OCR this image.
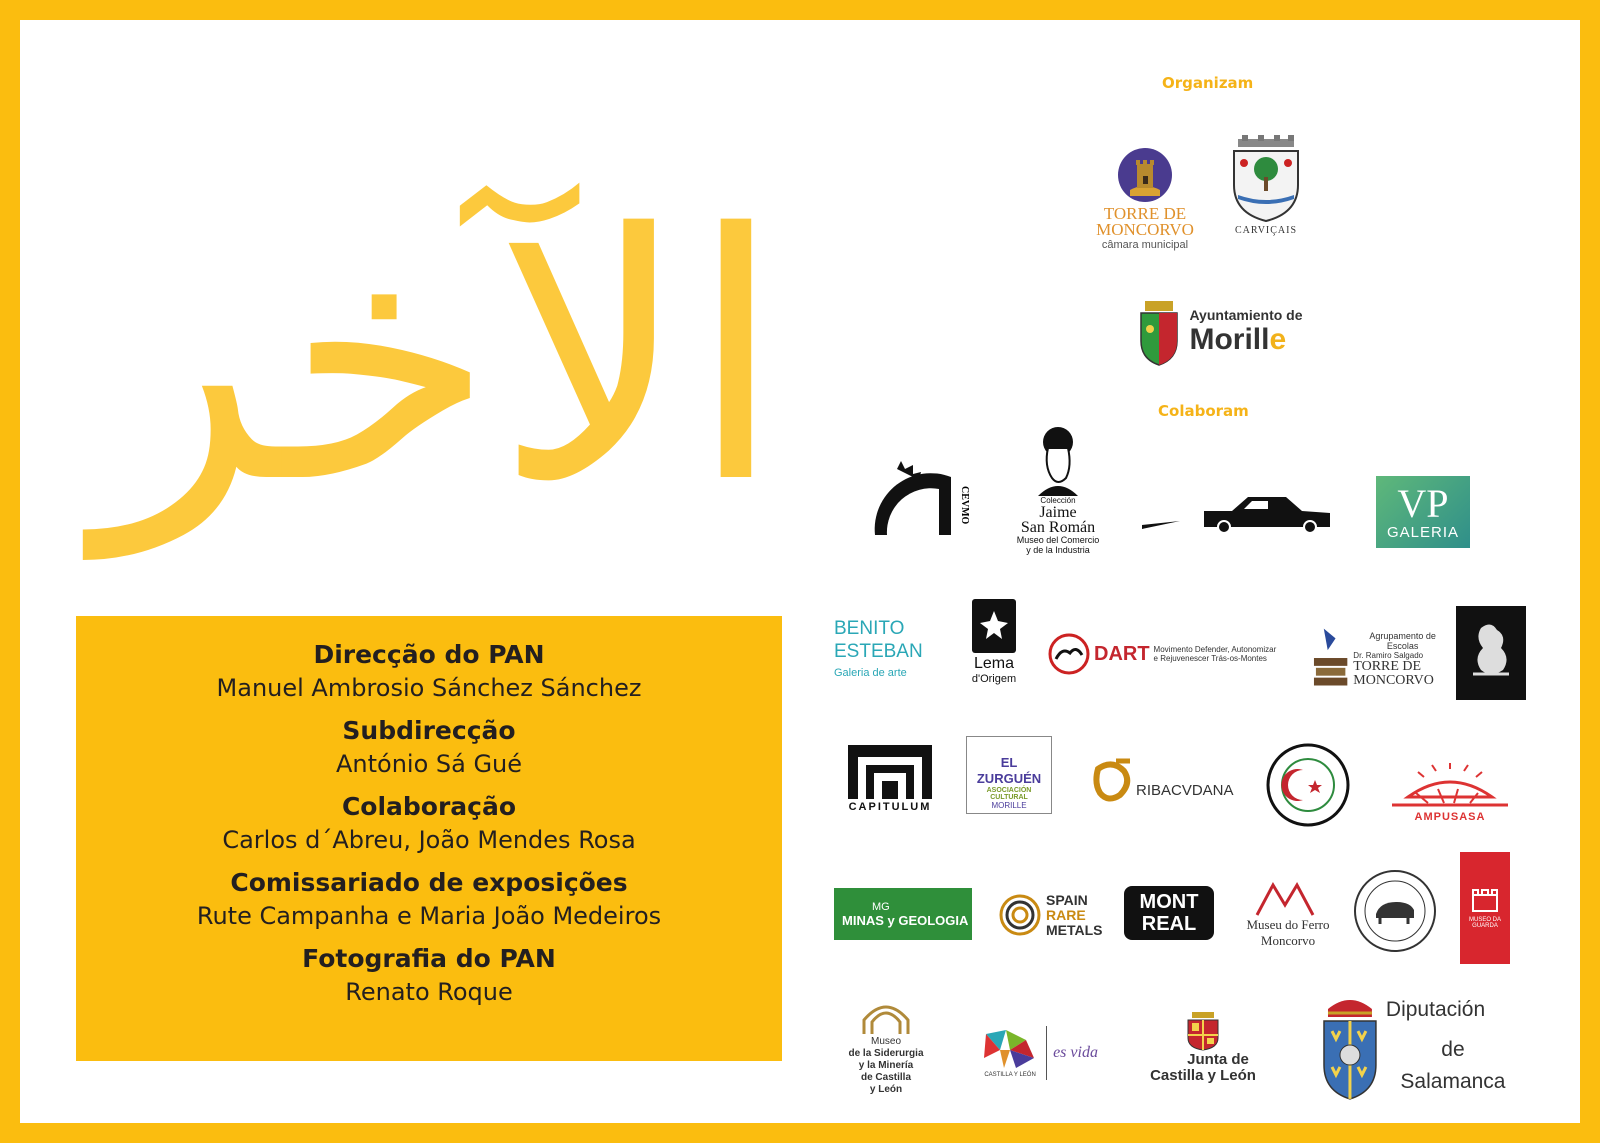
الآخر
Direcção do PAN
Manuel Ambrosio Sánchez Sánchez
Subdirecção
António Sá Gué
Colaboração
Carlos d´Abreu, João Mendes Rosa
Comissariado de exposições
Rute Campanha e Maria João Medeiros
Fotografia do PAN
Renato Roque
Organizam
Colaboram
TORRE DE
MONCORVO
câmara municipal
CARVIÇAIS
Ayuntamiento de
Morill e
CEVMO	Colección
Jaime
San Román
Museo del Comercio
y de la Industria
VP
GALERIA
BENITO
ESTEBAN
Galeria de arte
Lema
d'Origem
DART Movimento Defender, Autonomizar
e Rejuvenescer Trás-os-Montes
Agrupamento de Escolas
Dr. Ramiro Salgado
TORRE DE
MONCORVO
CAPITULUM
EL ZURGUÉN
ASOCIACIÓN CULTURAL
MORILLE
RIBACVDANA
AMPUSASA
MG
MINAS y GEOLOGIA
SPAIN
RARE
METALS
MONT
REAL	Museu do Ferro
Moncorvo
MUSEO DA GUARDA
Museo
de la Siderurgia
y la Minería
de Castilla
y León
CASTILLA Y LEÓN
es vida	Junta de
Castilla y León
Diputación
de Salamanca
